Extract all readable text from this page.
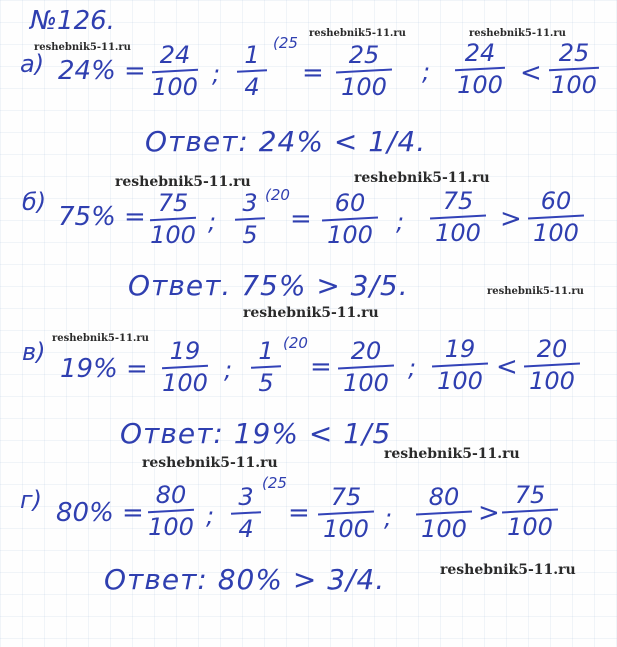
№126.
reshebnik5-11.ru
reshebnik5-11.ru	reshebnik5-11.ru
reshebnik5-11.ru	reshebnik5-11.ru
reshebnik5-11.ru
reshebnik5-11.ru
reshebnik5-11.ru
reshebnik5-11.ru
reshebnik5-11.ru
reshebnik5-11.ru
а) 24% =
24
100 ;
1
4
(25
=
25
100
;
24
100 <
25
100
Ответ: 24% < 1/4.
б) 75% = 75
100 ;
3
5
(20
=
60
100 ;
75
100 >
60
100
Ответ. 75% > 3/5.
в)
19% =
19
100 ;
1
5
(20
=
20
100
;
19
100 <
20
100
Ответ: 19% < 1/5
г) 80% =
80
100 ;
3
4
(25
=
75
100 ;
80
100
>
75
100
Ответ: 80% > 3/4.
